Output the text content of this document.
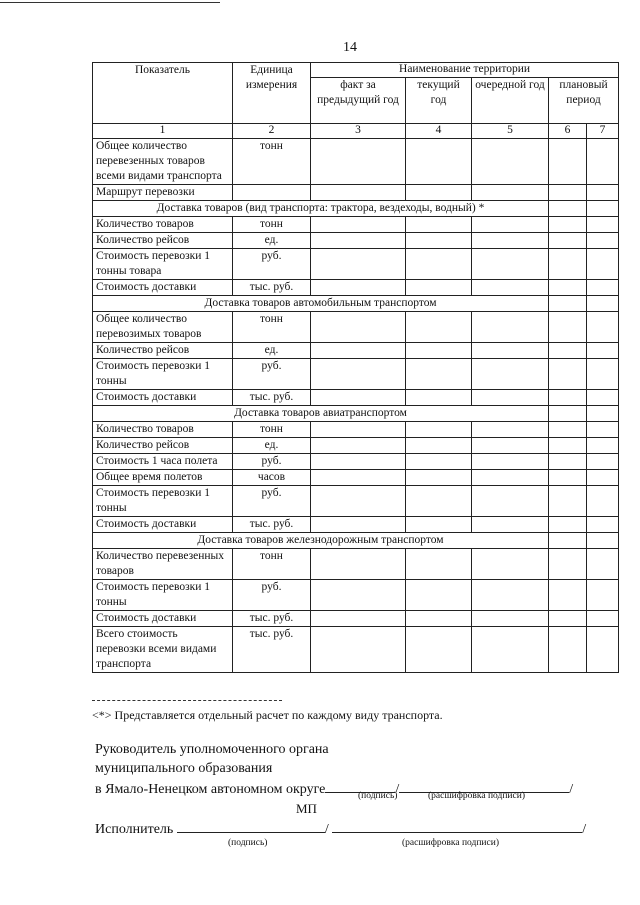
14
Показатель	Единица измерения	Наименование территории				
		факт за предыдущий год	текущий год	очередной год	плановый период	
1	2	3	4	5	6	7
Общее количество перевезенных товаров всеми видами транспорта	тонн					
Маршрут перевозки						
Доставка товаров (вид транспорта: трактора, вездеходы, водный) *						
Количество товаров	тонн					
Количество рейсов	ед.					
Стоимость перевозки 1 тонны товара	руб.					
Стоимость доставки	тыс. руб.					
Доставка товаров автомобильным транспортом						
Общее количество перевозимых товаров	тонн					
Количество рейсов	ед.					
Стоимость перевозки 1 тонны	руб.					
Стоимость доставки	тыс. руб.					
Доставка товаров авиатранспортом						
Количество товаров	тонн					
Количество рейсов	ед.					
Стоимость 1 часа полета	руб.					
Общее время полетов	часов					
Стоимость перевозки 1 тонны	руб.					
Стоимость доставки	тыс. руб.					
Доставка товаров железнодорожным транспортом						
Количество перевезенных товаров	тонн					
Стоимость перевозки 1 тонны	руб.					
Стоимость доставки	тыс. руб.					
Всего стоимость перевозки всеми видами транспорта	тыс. руб.					
<*> Представляется отдельный расчет по каждому виду транспорта.
Руководитель уполномоченного органа
муниципального образования
в Ямало-Ненецком автономном округе	/	/
(подпись)	(расшифровка подписи)
МП
Исполнитель	/	/
(подпись)	(расшифровка подписи)
